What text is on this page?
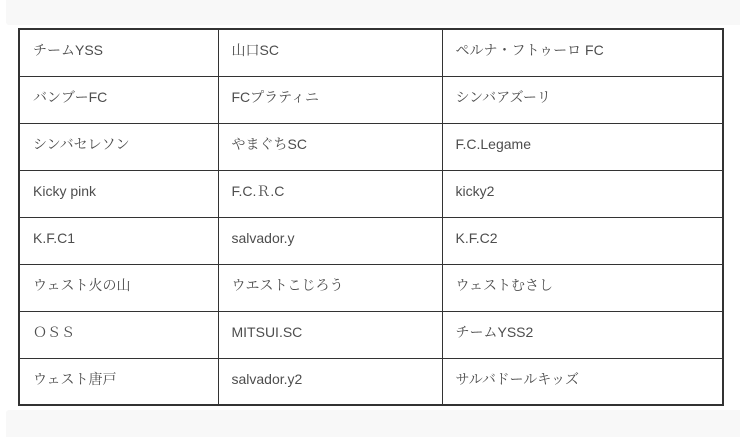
チームYSS	山口SC	ペルナ・フトゥーロ FC
バンブーFC	FCプラティニ	シンバアズーリ
シンバセレソン	やまぐちSC	F.C.Legame
Kicky pink	F.C.Ｒ.C	kicky2
K.F.C1	salvador.y	K.F.C2
ウェスト火の山	ウエストこじろう	ウェストむさし
ＯＳＳ	MITSUI.SC	チームYSS2
ウェスト唐戸	salvador.y2	サルバドールキッズ
